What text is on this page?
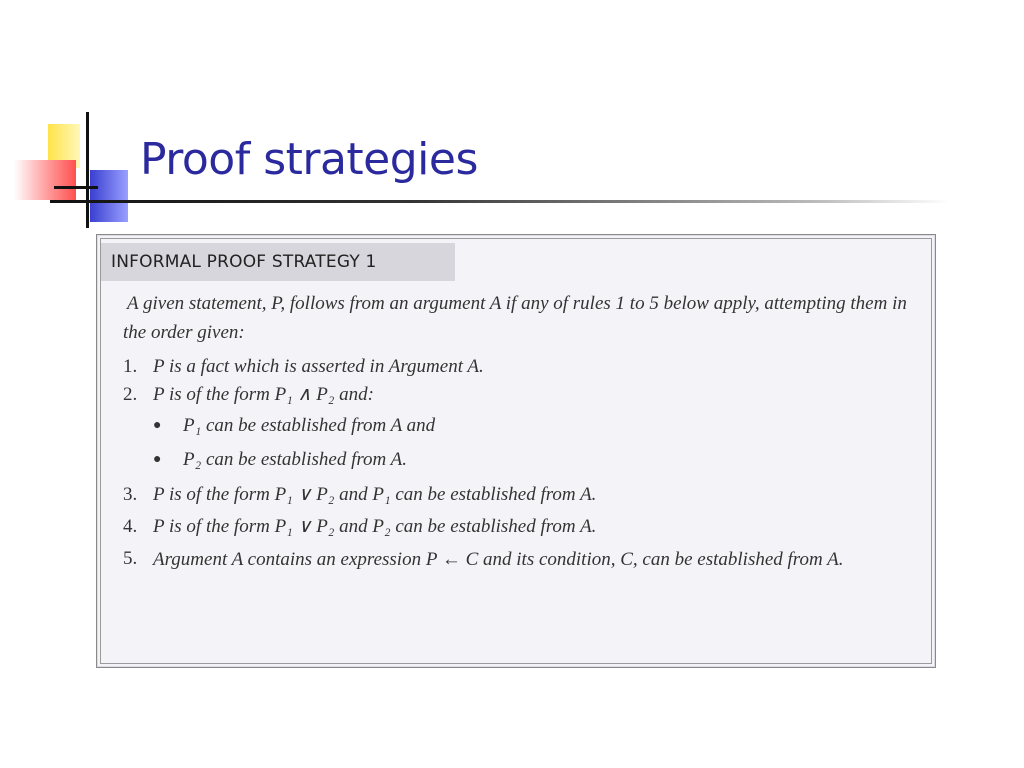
Proof strategies
INFORMAL PROOF STRATEGY 1

A given statement, P, follows from an argument A if any of rules 1 to 5 below apply, attempting them in the order given:

1. P is a fact which is asserted in Argument A.
2. P is of the form P₁ ∧ P₂ and:
●	P₁ can be established from A and
●	P₂ can be established from A.
3. P is of the form P₁ ∨ P₂ and P₁ can be established from A.
4. P is of the form P₁ ∨ P₂ and P₂ can be established from A.
5. Argument A contains an expression P ← C and its condition, C, can be established from A.
